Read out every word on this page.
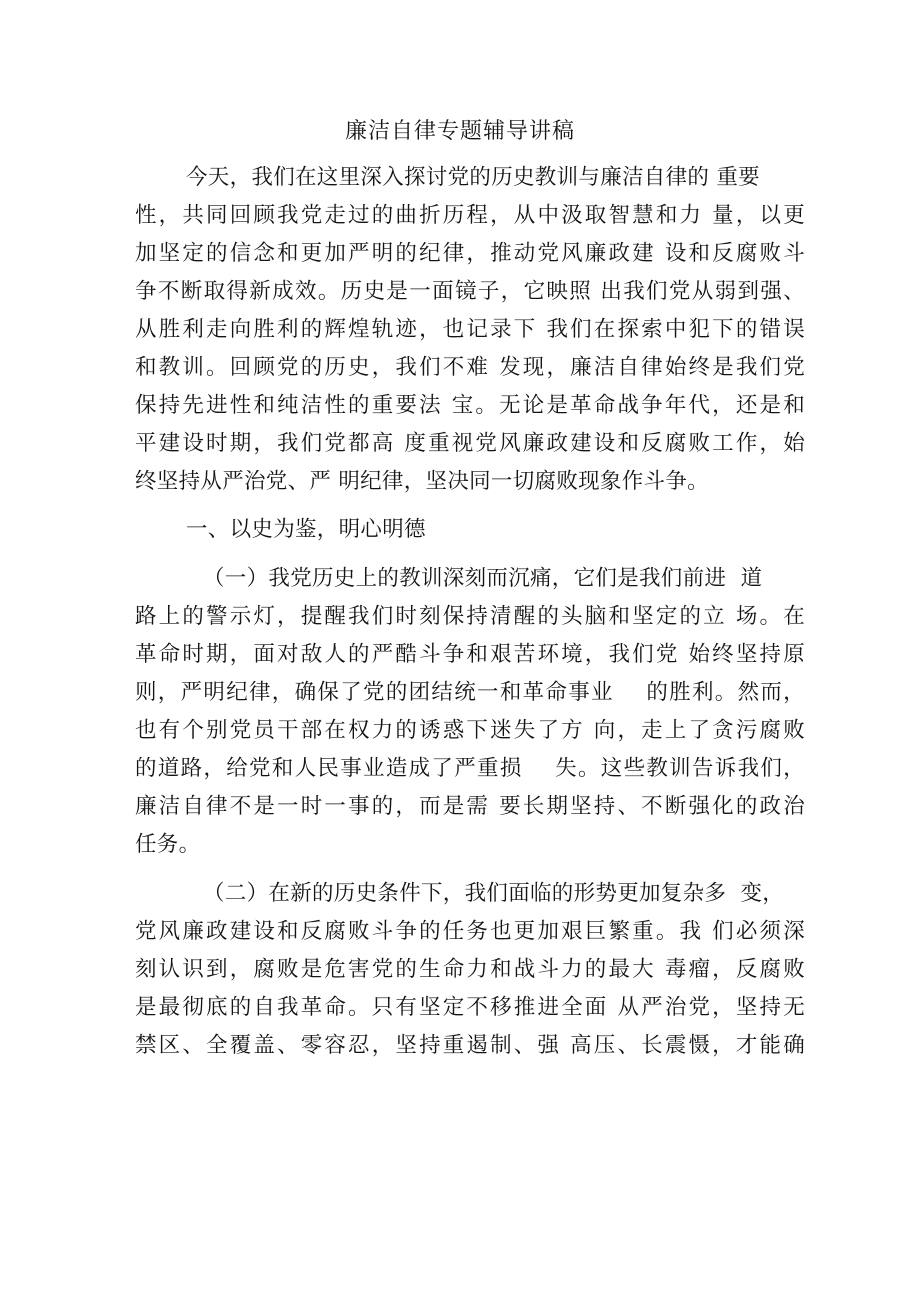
廉洁自律专题辅导讲稿
今天，我们在这里深入探讨党的历史教训与廉洁自律的 重要
性，共同回顾我党走过的曲折历程，从中汲取智慧和力 量，以更
加坚定的信念和更加严明的纪律，推动党风廉政建 设和反腐败斗
争不断取得新成效。历史是一面镜子，它映照 出我们党从弱到强、
从胜利走向胜利的辉煌轨迹，也记录下 我们在探索中犯下的错误
和教训。回顾党的历史，我们不难 发现，廉洁自律始终是我们党
保持先进性和纯洁性的重要法 宝。无论是革命战争年代，还是和
平建设时期，我们党都高 度重视党风廉政建设和反腐败工作，始
终坚持从严治党、严 明纪律，坚决同一切腐败现象作斗争。
一、以史为鉴，明心明德
（一）我党历史上的教训深刻而沉痛，它们是我们前进  道
路上的警示灯，提醒我们时刻保持清醒的头脑和坚定的立 场。在
革命时期，面对敌人的严酷斗争和艰苦环境，我们党 始终坚持原
则，严明纪律，确保了党的团结统一和革命事业    的胜利。然而，
也有个别党员干部在权力的诱惑下迷失了方 向，走上了贪污腐败
的道路，给党和人民事业造成了严重损    失。这些教训告诉我们，
廉洁自律不是一时一事的，而是需 要长期坚持、不断强化的政治
任务。
（二）在新的历史条件下，我们面临的形势更加复杂多  变，
党风廉政建设和反腐败斗争的任务也更加艰巨繁重。我 们必须深
刻认识到，腐败是危害党的生命力和战斗力的最大 毒瘤，反腐败
是最彻底的自我革命。只有坚定不移推进全面 从严治党，坚持无
禁区、全覆盖、零容忍，坚持重遏制、强 高压、长震慑，才能确
